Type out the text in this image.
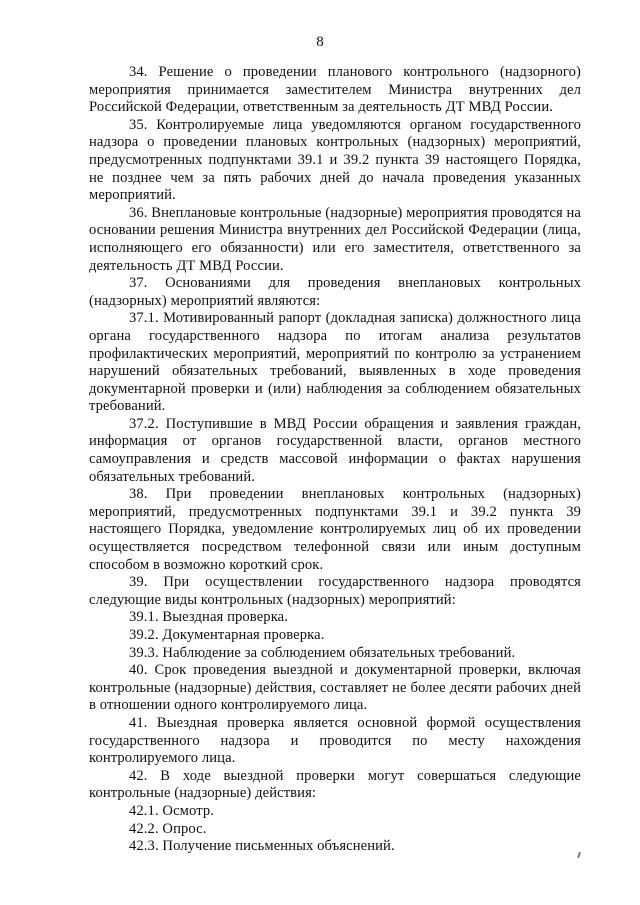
8

34. Решение о проведении планового контрольного (надзорного) мероприятия принимается заместителем Министра внутренних дел Российской Федерации, ответственным за деятельность ДТ МВД России.

35. Контролируемые лица уведомляются органом государственного надзора о проведении плановых контрольных (надзорных) мероприятий, предусмотренных подпунктами 39.1 и 39.2 пункта 39 настоящего Порядка, не позднее чем за пять рабочих дней до начала проведения указанных мероприятий.

36. Внеплановые контрольные (надзорные) мероприятия проводятся на основании решения Министра внутренних дел Российской Федерации (лица, исполняющего его обязанности) или его заместителя, ответственного за деятельность ДТ МВД России.

37. Основаниями для проведения внеплановых контрольных (надзорных) мероприятий являются:

37.1. Мотивированный рапорт (докладная записка) должностного лица органа государственного надзора по итогам анализа результатов профилактических мероприятий, мероприятий по контролю за устранением нарушений обязательных требований, выявленных в ходе проведения документарной проверки и (или) наблюдения за соблюдением обязательных требований.

37.2. Поступившие в МВД России обращения и заявления граждан, информация от органов государственной власти, органов местного самоуправления и средств массовой информации о фактах нарушения обязательных требований.

38. При проведении внеплановых контрольных (надзорных) мероприятий, предусмотренных подпунктами 39.1 и 39.2 пункта 39 настоящего Порядка, уведомление контролируемых лиц об их проведении осуществляется посредством телефонной связи или иным доступным способом в возможно короткий срок.

39. При осуществлении государственного надзора проводятся следующие виды контрольных (надзорных) мероприятий:

39.1. Выездная проверка.

39.2. Документарная проверка.

39.3. Наблюдение за соблюдением обязательных требований.

40. Срок проведения выездной и документарной проверки, включая контрольные (надзорные) действия, составляет не более десяти рабочих дней в отношении одного контролируемого лица.

41. Выездная проверка является основной формой осуществления государственного надзора и проводится по месту нахождения контролируемого лица.

42. В ходе выездной проверки могут совершаться следующие контрольные (надзорные) действия:

42.1. Осмотр.

42.2. Опрос.

42.3. Получение письменных объяснений.
